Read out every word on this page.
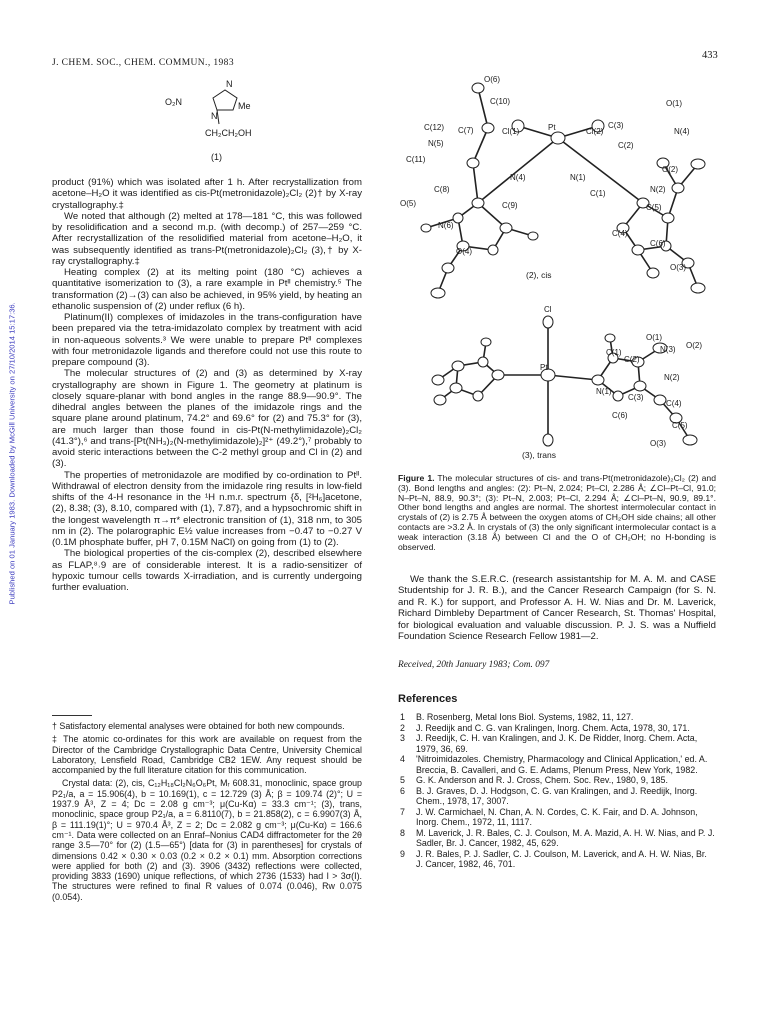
Published on 01 January 1983. Downloaded by McGill University on 27/10/2014 15:17:36.
J. CHEM. SOC., CHEM. COMMUN., 1983
433
N
O₂N
N
Me
CH₂CH₂OH
(1)

product (91%) which was isolated after 1 h. After recrystallization from acetone–H₂O it was identified as cis-Pt(metronidazole)₂Cl₂ (2)† by X-ray crystallography.‡

We noted that although (2) melted at 178—181 °C, this was followed by resolidification and a second m.p. (with decomp.) of 257—259 °C. After recrystallization of the resolidified material from acetone–H₂O, it was subsequently identified as trans-Pt(metronidazole)₂Cl₂ (3),† by X-ray crystallography.‡

Heating complex (2) at its melting point (180 °C) achieves a quantitative isomerization to (3), a rare example in Ptᴵᴵ chemistry.⁵ The transformation (2)→(3) can also be achieved, in 95% yield, by heating an ethanolic suspension of (2) under reflux (6 h).

Platinum(II) complexes of imidazoles in the trans-configuration have been prepared via the tetra-imidazolato complex by treatment with acid in non-aqueous solvents.³ We were unable to prepare Ptᴵᴵ complexes with four metronidazole ligands and therefore could not use this route to prepare compound (3).

The molecular structures of (2) and (3) as determined by X-ray crystallography are shown in Figure 1. The geometry at platinum is closely square-planar with bond angles in the range 88.9—90.9°. The dihedral angles between the planes of the imidazole rings and the square plane around platinum, 74.2° and 69.6° for (2) and 75.3° for (3), are much larger than those found in cis-Pt(N-methylimidazole)₂Cl₂ (41.3°),⁶ and trans-[Pt(NH₃)₂(N-methylimidazole)₂]²⁺ (49.2°),⁷ probably to avoid steric interactions between the C-2 methyl group and Cl in (2) and (3).

The properties of metronidazole are modified by co-ordination to Ptᴵᴵ. Withdrawal of electron density from the imidazole ring results in low-field shifts of the 4-H resonance in the ¹H n.m.r. spectrum {δ, [²H₆]acetone, (2), 8.38; (3), 8.10, compared with (1), 7.87}, and a hypsochromic shift in the longest wavelength π→π* electronic transition of (1), 318 nm, to 305 nm in (2). The polarographic E½ value increases from −0.47 to −0.27 V (0.1M phosphate buffer, pH 7, 0.15M NaCl) on going from (1) to (2).

The biological properties of the cis-complex (2), described elsewhere as FLAP,⁸˒9 are of considerable interest. It is a radio-sensitizer of hypoxic tumour cells towards X-irradiation, and is currently undergoing further evaluation.

† Satisfactory elemental analyses were obtained for both new compounds.

‡ The atomic co-ordinates for this work are available on request from the Director of the Cambridge Crystallographic Data Centre, University Chemical Laboratory, Lensfield Road, Cambridge CB2 1EW. Any request should be accompanied by the full literature citation for this communication.

Crystal data: (2), cis, C₁₂H₁₈Cl₂N₆O₆Pt, Mᵣ 608.31, monoclinic, space group P2₁/a, a = 15.906(4), b = 10.169(1), c = 12.729 (3) Å; β = 109.74 (2)°; U = 1937.9 Å³, Z = 4; Dᴄ = 2.08 g cm⁻³; μ(Cu-Kα) = 33.3 cm⁻¹; (3), trans, monoclinic, space group P2₁/a, a = 6.8110(7), b = 21.858(2), c = 6.9907(3) Å, β = 111.19(1)°; U = 970.4 Å³, Z = 2; Dᴄ = 2.082 g cm⁻³; μ(Cu-Kα) = 166.6 cm⁻¹. Data were collected on an Enraf–Nonius CAD4 diffractometer for the 2θ range 3.5—70° for (2) (1.5—65°) [data for (3) in parentheses] for crystals of dimensions 0.42 × 0.30 × 0.03 (0.2 × 0.2 × 0.1) mm. Absorption corrections were applied for both (2) and (3). 3906 (3432) reflections were collected, providing 3833 (1690) unique reflections, of which 2736 (1533) had I > 3σ(I). The structures were refined to final R values of 0.074 (0.046), Rᴡ 0.075 (0.054).

O(6)
C(10)	O(1)
C(12) C(7)	Cl(1)	Pt	Cl(2)
C(3)
N(4)
N(5)	C(2)
C(11)
N(4)	N(1)
O(2)
C(8)
C(9)
C(1)	N(2)
O(5)	C(5)
N(6)
C(4)
O(4)
C(6)
O(3)
(2), cis
Cl
O(1)
N(3) O(2)
C(1)
C(2)
Pt
N(2)
N(1)
C(3)
C(4)
C(6)
C(5)
O(3)
(3), trans
Figure 1. The molecular structures of cis- and trans-Pt(metronidazole)₂Cl₂ (2) and (3). Bond lengths and angles: (2): Pt–N, 2.024; Pt–Cl, 2.286 Å; ∠Cl–Pt–Cl, 91.0; N–Pt–N, 88.9, 90.3°; (3): Pt–N, 2.003; Pt–Cl, 2.294 Å; ∠Cl–Pt–N, 90.9, 89.1°. Other bond lengths and angles are normal. The shortest intermolecular contact in crystals of (2) is 2.75 Å between the oxygen atoms of CH₂OH side chains; all other contacts are >3.2 Å. In crystals of (3) the only significant intermolecular contact is a weak interaction (3.18 Å) between Cl and the O of CH₂OH; no H-bonding is observed.
We thank the S.E.R.C. (research assistantship for M. A. M. and CASE Studentship for J. R. B.), and the Cancer Research Campaign (for S. N. and R. K.) for support, and Professor A. H. W. Nias and Dr. M. Laverick, Richard Dimbleby Department of Cancer Research, St. Thomas' Hospital, for biological evaluation and valuable discussion. P. J. S. was a Nuffield Foundation Science Research Fellow 1981—2.
Received, 20th January 1983; Com. 097
References
1 B. Rosenberg, Metal Ions Biol. Systems, 1982, 11, 127.
2 J. Reedijk and C. G. van Kralingen, Inorg. Chem. Acta, 1978, 30, 171.
3 J. Reedijk, C. H. van Kralingen, and J. K. De Ridder, Inorg. Chem. Acta, 1979, 36, 69.
4 'Nitroimidazoles. Chemistry, Pharmacology and Clinical Application,' ed. A. Breccia, B. Cavalleri, and G. E. Adams, Plenum Press, New York, 1982.
5 G. K. Anderson and R. J. Cross, Chem. Soc. Rev., 1980, 9, 185.
6 B. J. Graves, D. J. Hodgson, C. G. van Kralingen, and J. Reedijk, Inorg. Chem., 1978, 17, 3007.
7 J. W. Carmichael, N. Chan, A. N. Cordes, C. K. Fair, and D. A. Johnson, Inorg. Chem., 1972, 11, 1117.
8 M. Laverick, J. R. Bales, C. J. Coulson, M. A. Mazid, A. H. W. Nias, and P. J. Sadler, Br. J. Cancer, 1982, 45, 629.
9 J. R. Bales, P. J. Sadler, C. J. Coulson, M. Laverick, and A. H. W. Nias, Br. J. Cancer, 1982, 46, 701.
